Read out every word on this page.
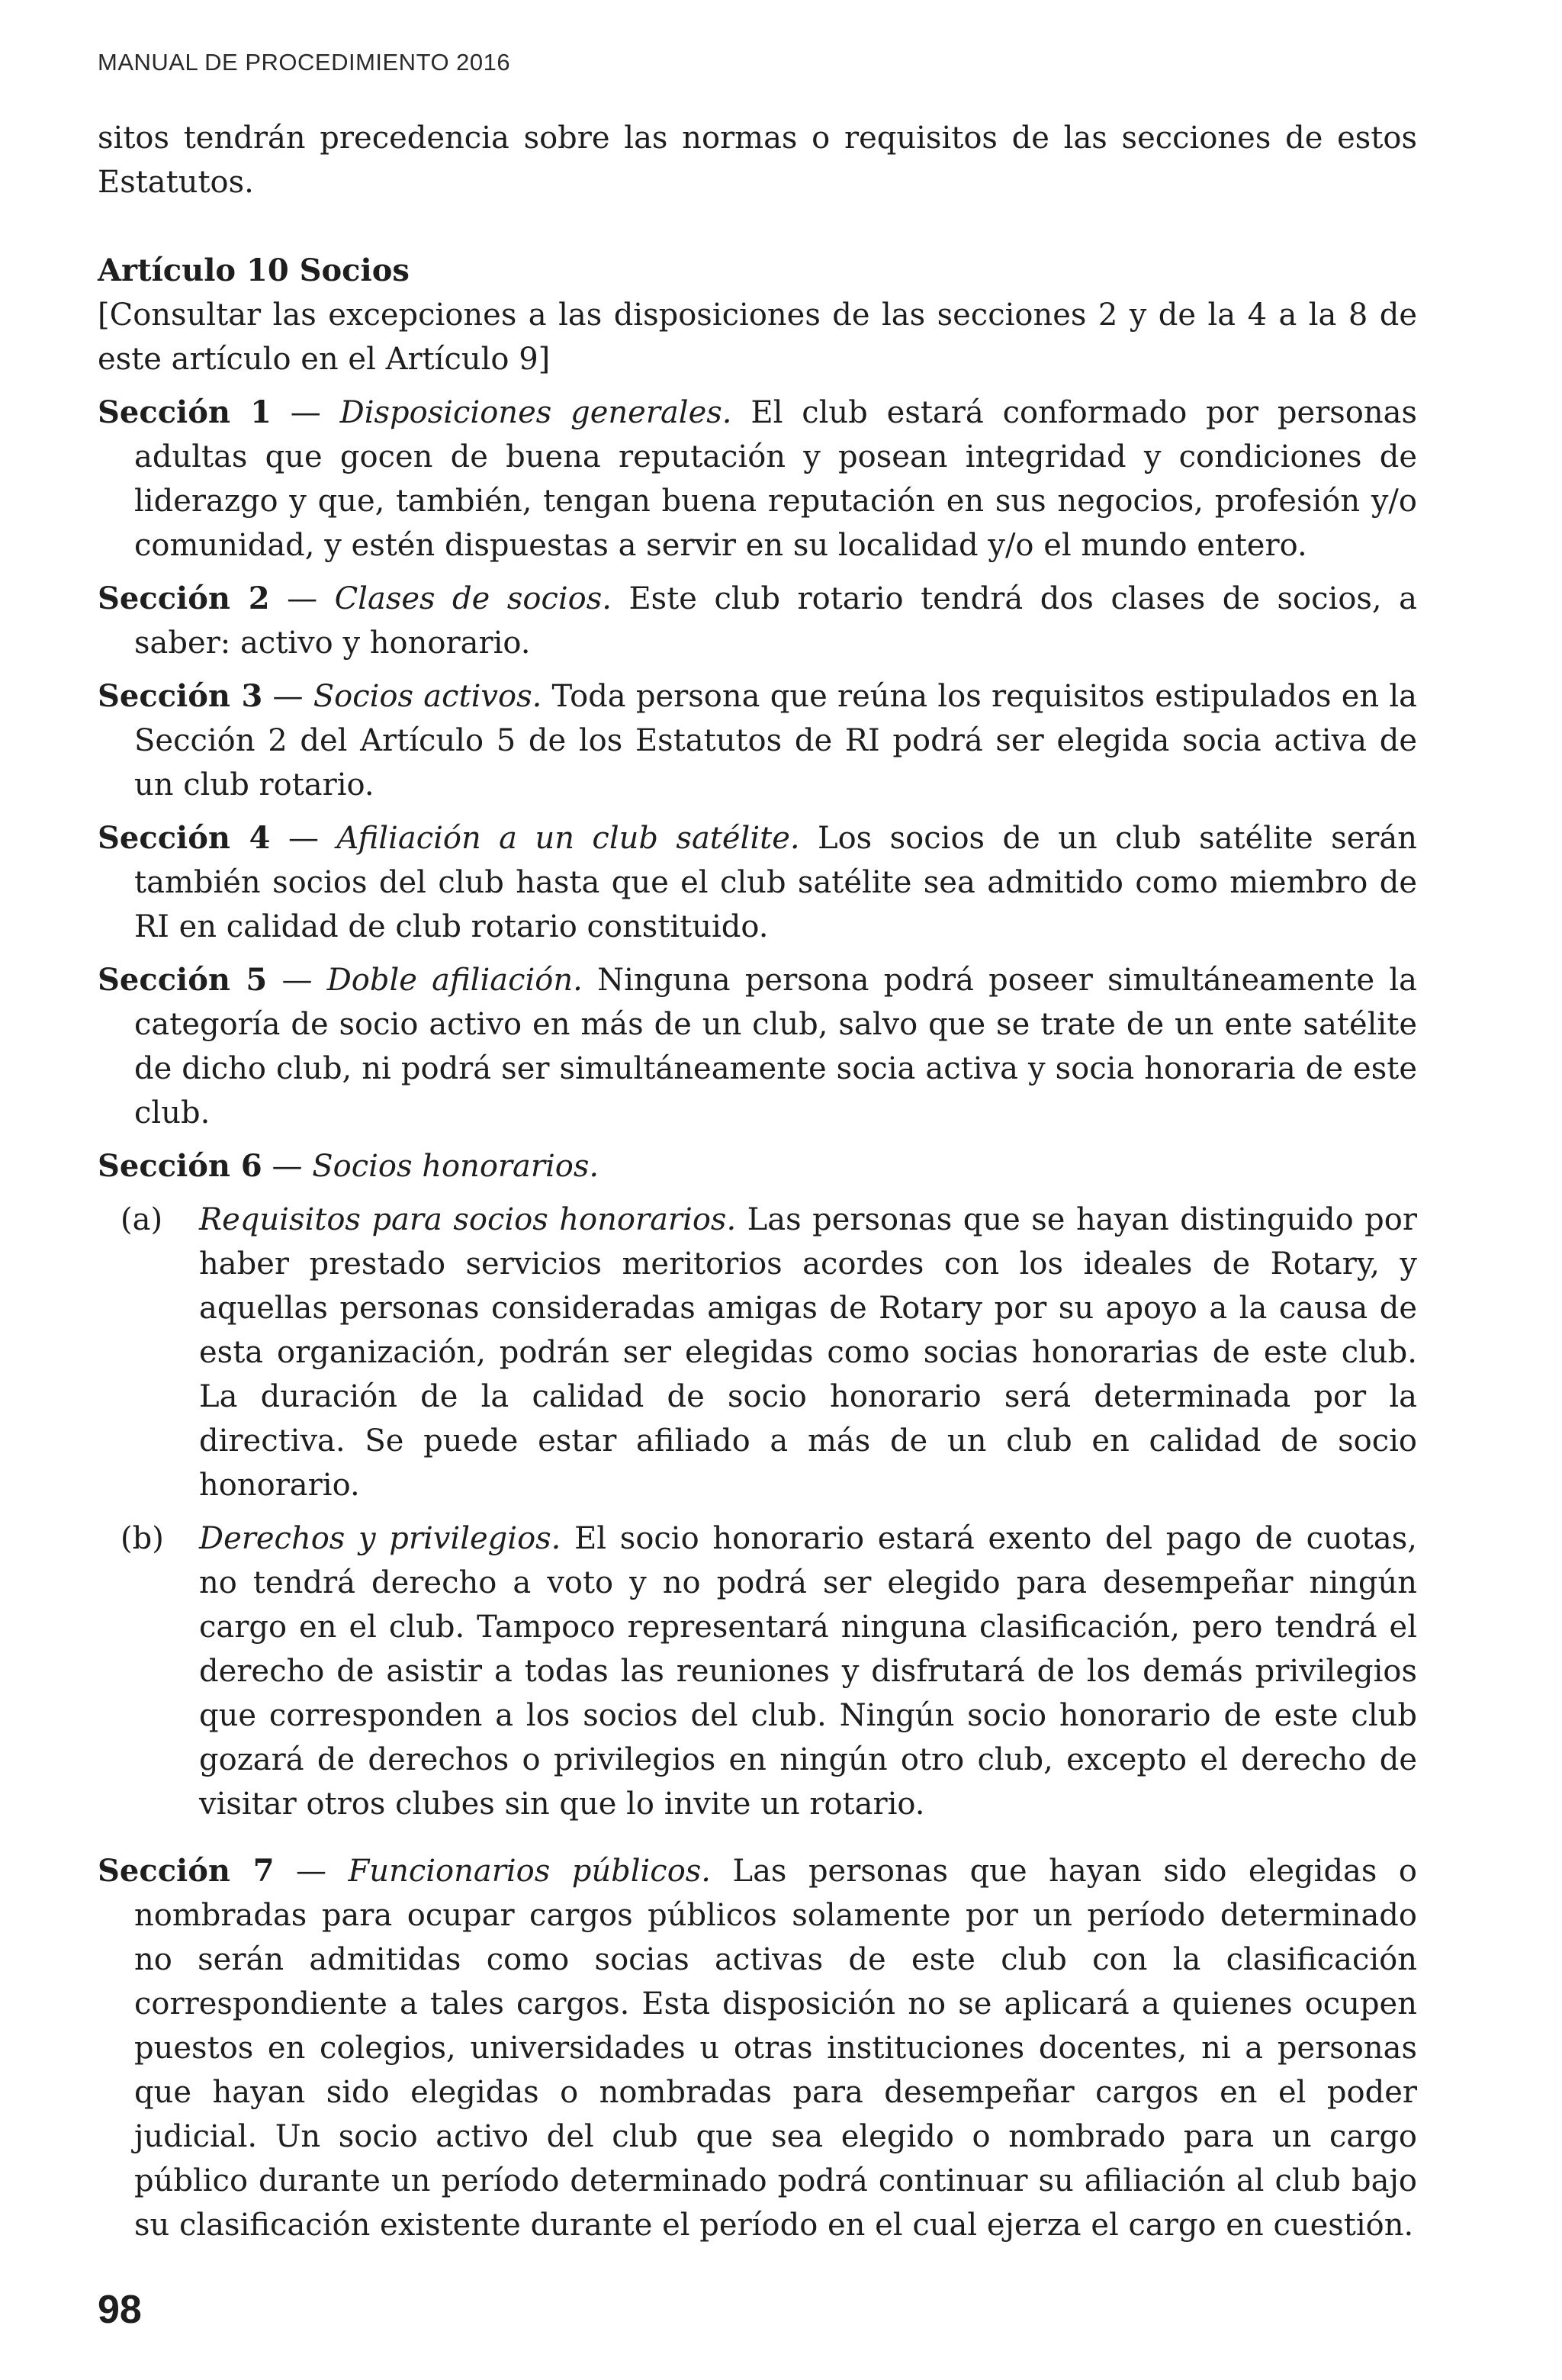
MANUAL DE PROCEDIMIENTO 2016

sitos tendrán precedencia sobre las normas o requisitos de las secciones de estos Estatutos.

Artículo 10 Socios

[Consultar las excepciones a las disposiciones de las secciones 2 y de la 4 a la 8 de este artículo en el Artículo 9]

Sección 1 — Disposiciones generales. El club estará conformado por personas adultas que gocen de buena reputación y posean integridad y condiciones de liderazgo y que, también, tengan buena reputación en sus negocios, profesión y/o comunidad, y estén dispuestas a servir en su localidad y/o el mundo entero.

Sección 2 — Clases de socios. Este club rotario tendrá dos clases de socios, a saber: activo y honorario.

Sección 3 — Socios activos. Toda persona que reúna los requisitos estipulados en la Sección 2 del Artículo 5 de los Estatutos de RI podrá ser elegida socia activa de un club rotario.

Sección 4 — Afiliación a un club satélite. Los socios de un club satélite serán también socios del club hasta que el club satélite sea admitido como miembro de RI en calidad de club rotario constituido.

Sección 5 — Doble afiliación. Ninguna persona podrá poseer simultáneamente la categoría de socio activo en más de un club, salvo que se trate de un ente satélite de dicho club, ni podrá ser simultáneamente socia activa y socia honoraria de este club.

Sección 6 — Socios honorarios.

(a) Requisitos para socios honorarios. Las personas que se hayan distinguido por haber prestado servicios meritorios acordes con los ideales de Rotary, y aquellas personas consideradas amigas de Rotary por su apoyo a la causa de esta organización, podrán ser elegidas como socias honorarias de este club. La duración de la calidad de socio honorario será determinada por la directiva. Se puede estar afiliado a más de un club en calidad de socio honorario.

(b) Derechos y privilegios. El socio honorario estará exento del pago de cuotas, no tendrá derecho a voto y no podrá ser elegido para desempeñar ningún cargo en el club. Tampoco representará ninguna clasificación, pero tendrá el derecho de asistir a todas las reuniones y disfrutará de los demás privilegios que corresponden a los socios del club. Ningún socio honorario de este club gozará de derechos o privilegios en ningún otro club, excepto el derecho de visitar otros clubes sin que lo invite un rotario.

Sección 7 — Funcionarios públicos. Las personas que hayan sido elegidas o nombradas para ocupar cargos públicos solamente por un período determinado no serán admitidas como socias activas de este club con la clasificación correspondiente a tales cargos. Esta disposición no se aplicará a quienes ocupen puestos en colegios, universidades u otras instituciones docentes, ni a personas que hayan sido elegidas o nombradas para desempeñar cargos en el poder judicial. Un socio activo del club que sea elegido o nombrado para un cargo público durante un período determinado podrá continuar su afiliación al club bajo su clasificación existente durante el período en el cual ejerza el cargo en cuestión.

98
